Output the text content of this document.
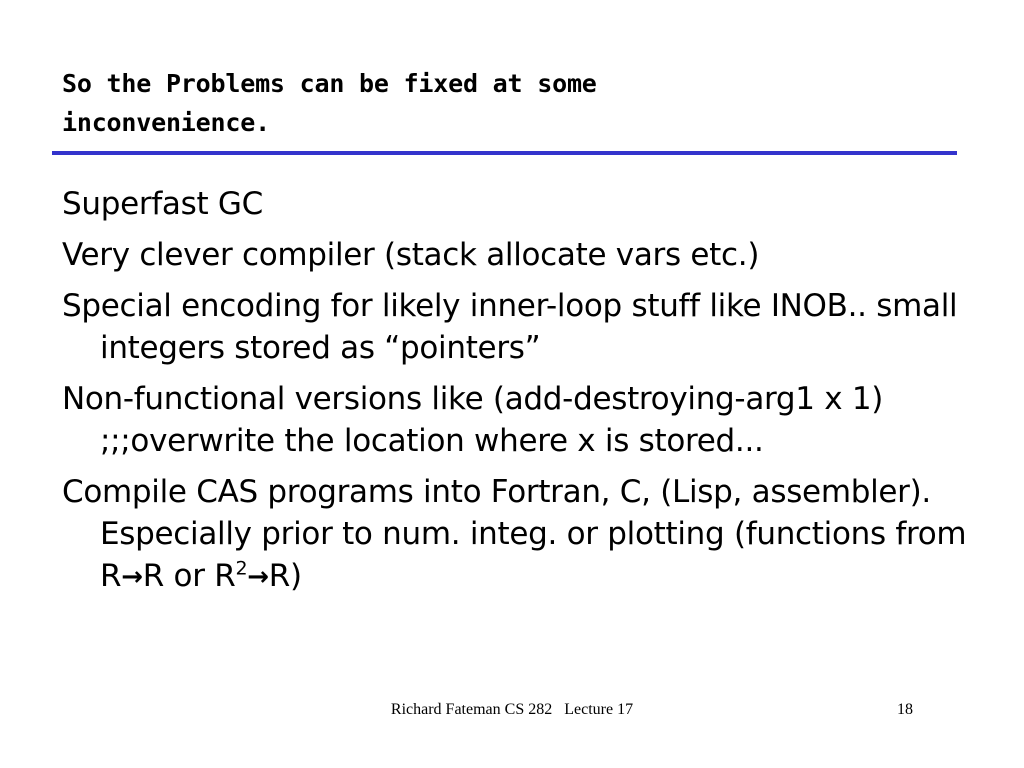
So the Problems can be fixed at some
inconvenience.
Superfast GC
Very clever compiler (stack allocate vars etc.)
Special encoding for likely inner-loop stuff like INOB.. small integers stored as “pointers”
Non-functional versions like (add-destroying-arg1 x 1) ;;;overwrite the location where x is stored...
Compile CAS programs into Fortran, C, (Lisp, assembler). Especially prior to num. integ. or plotting (functions from R→R or $R^2\to R$)
Richard Fateman CS 282   Lecture 17	18
